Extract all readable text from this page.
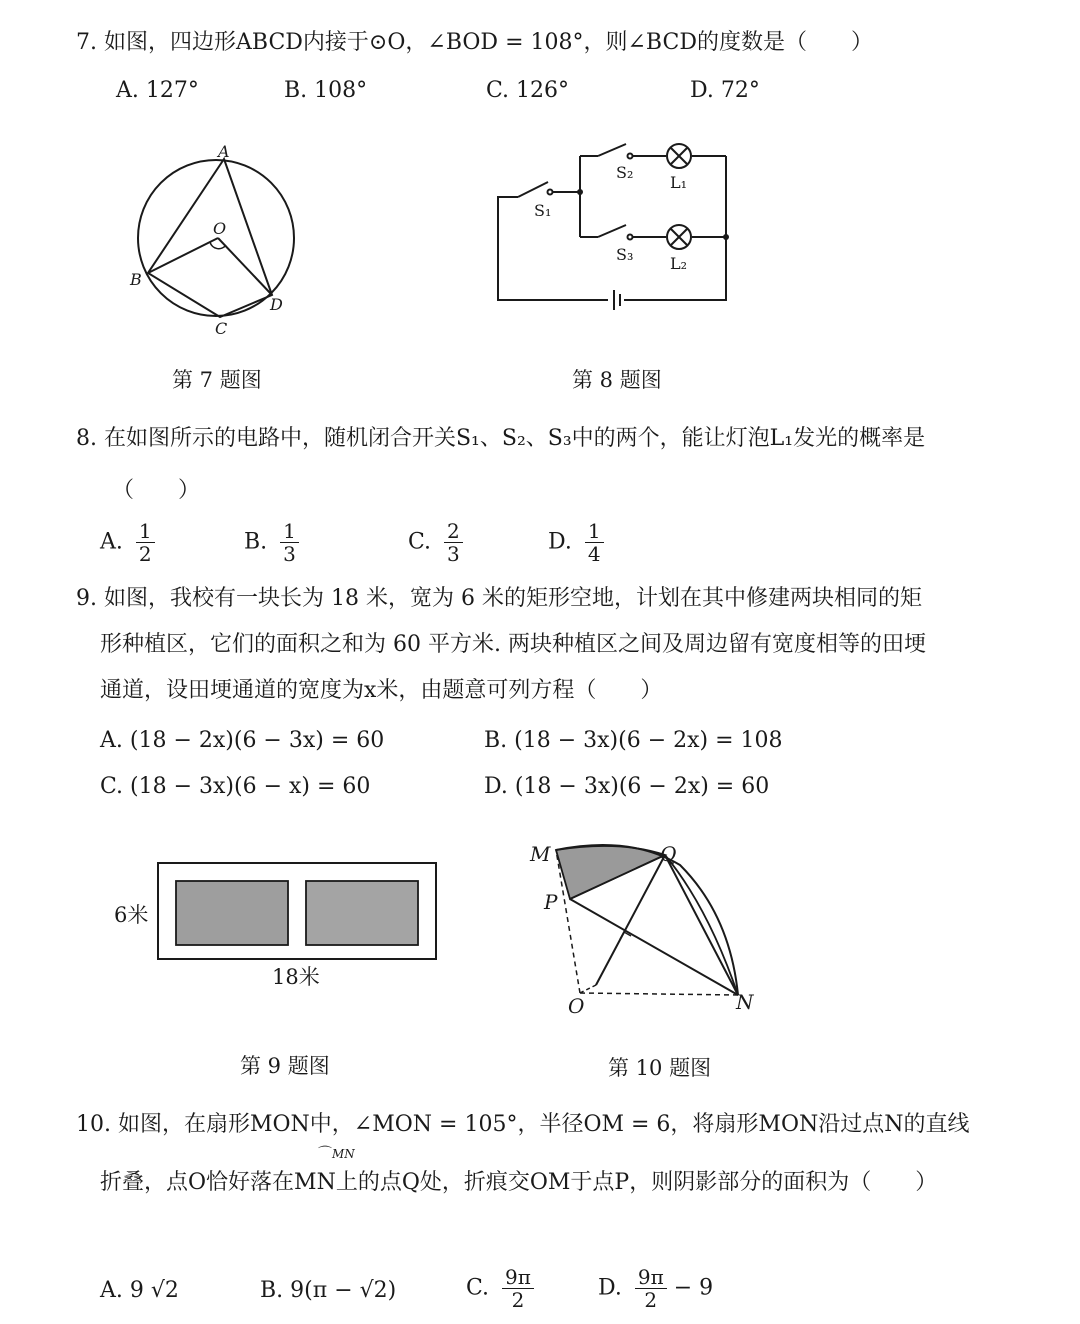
7. 如图，四边形ABCD内接于⊙O，∠BOD = 108°，则∠BCD的度数是（　　）
A. 127°	B. 108°	C. 126°	D. 72°
A
O
B
C
D
第 7 题图
S₁
S₂
L₁
S₃ L₂
第 8 题图
8. 在如图所示的电路中，随机闭合开关S₁、S₂、S₃中的两个，能让灯泡L₁发光的概率是
（　　）
A. $\frac{1}{2}$	B. $\frac{1}{3}$	C. $\frac{2}{3}$	D. $\frac{1}{4}$
9. 如图，我校有一块长为 18 米，宽为 6 米的矩形空地，计划在其中修建两块相同的矩
形种植区，它们的面积之和为 60 平方米. 两块种植区之间及周边留有宽度相等的田埂
通道，设田埂通道的宽度为x米，由题意可列方程（　　）
A. (18 − 2x)(6 − 3x) = 60	B. (18 − 3x)(6 − 2x) = 108
C. (18 − 3x)(6 − x) = 60	D. (18 − 3x)(6 − 2x) = 60
6米
18米
第 9 题图
M	Q
P
O	N
第 10 题图
10. 如图，在扇形MON中，∠MON = 105°，半径OM = 6，将扇形MON沿过点N的直线
折叠，点O恰好落在MN上的点Q处，折痕交OM于点P，则阴影部分的面积为（　　）
A. 9 √2	B. 9(π − √2)	C. $\frac{9\pi}{2}$	D. $\frac{9\pi}{2} - 9$
⌒MN
